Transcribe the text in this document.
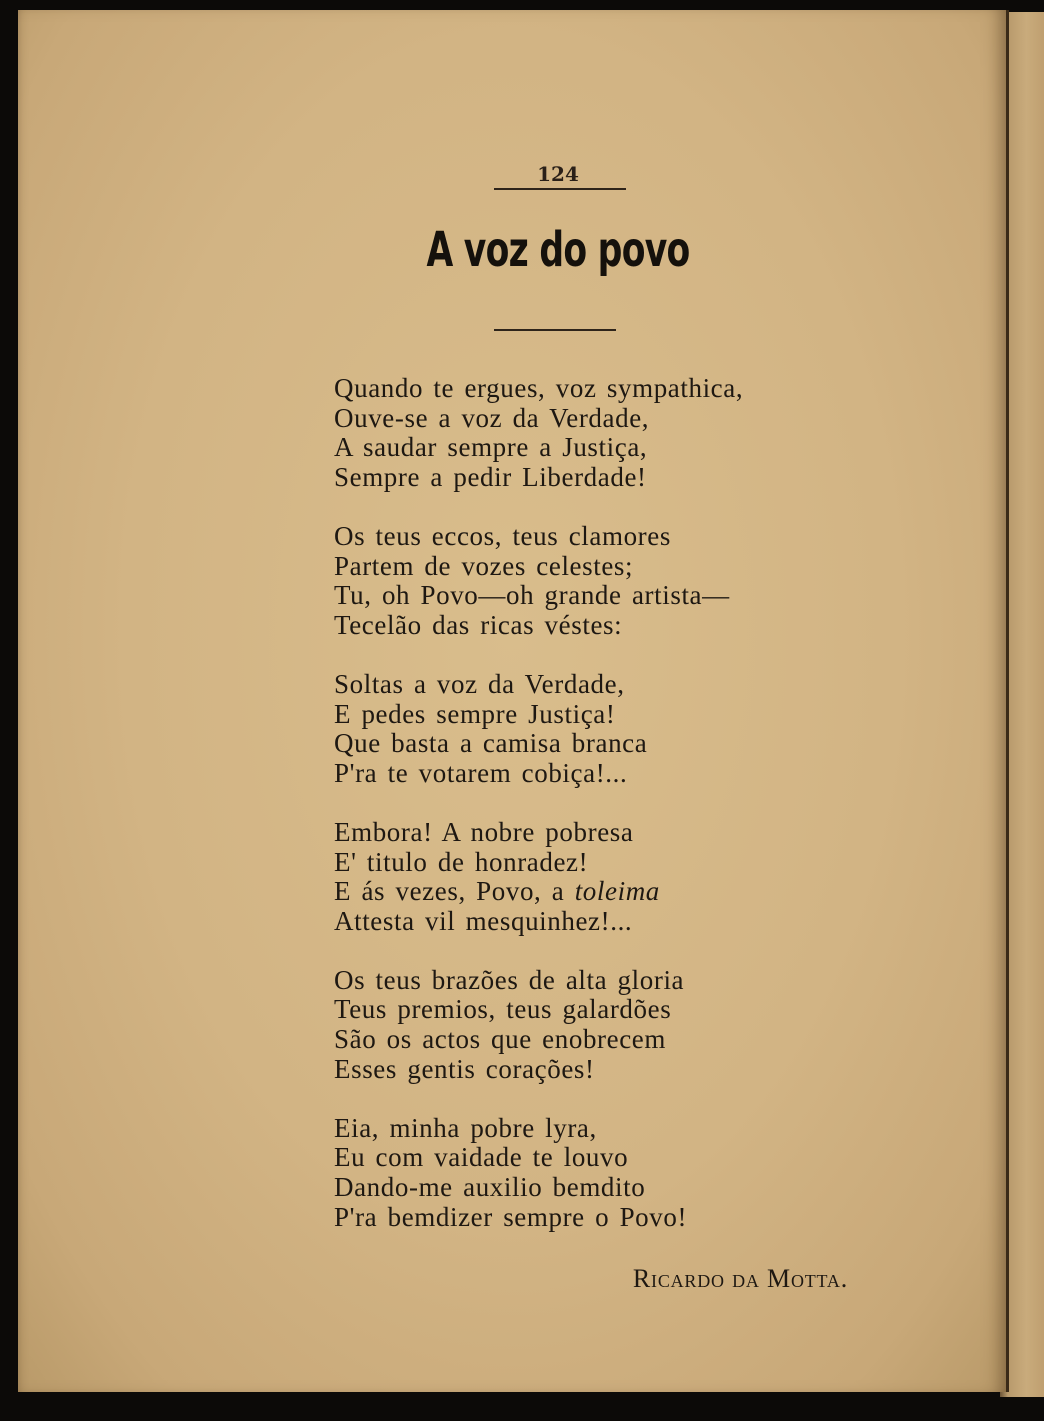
124
A voz do povo
Quando te ergues, voz sympathica,
Ouve-se a voz da Verdade,
A saudar sempre a Justiça,
Sempre a pedir Liberdade!
Os teus eccos, teus clamores
Partem de vozes celestes;
Tu, oh Povo—oh grande artista—
Tecelão das ricas véstes:
Soltas a voz da Verdade,
E pedes sempre Justiça!
Que basta a camisa branca
P'ra te votarem cobiça!...
Embora! A nobre pobresa
E' titulo de honradez!
E ás vezes, Povo, a toleima
Attesta vil mesquinhez!...
Os teus brazões de alta gloria
Teus premios, teus galardões
São os actos que enobrecem
Esses gentis corações!
Eia, minha pobre lyra,
Eu com vaidade te louvo
Dando-me auxilio bemdito
P'ra bemdizer sempre o Povo!
Ricardo da Motta.
